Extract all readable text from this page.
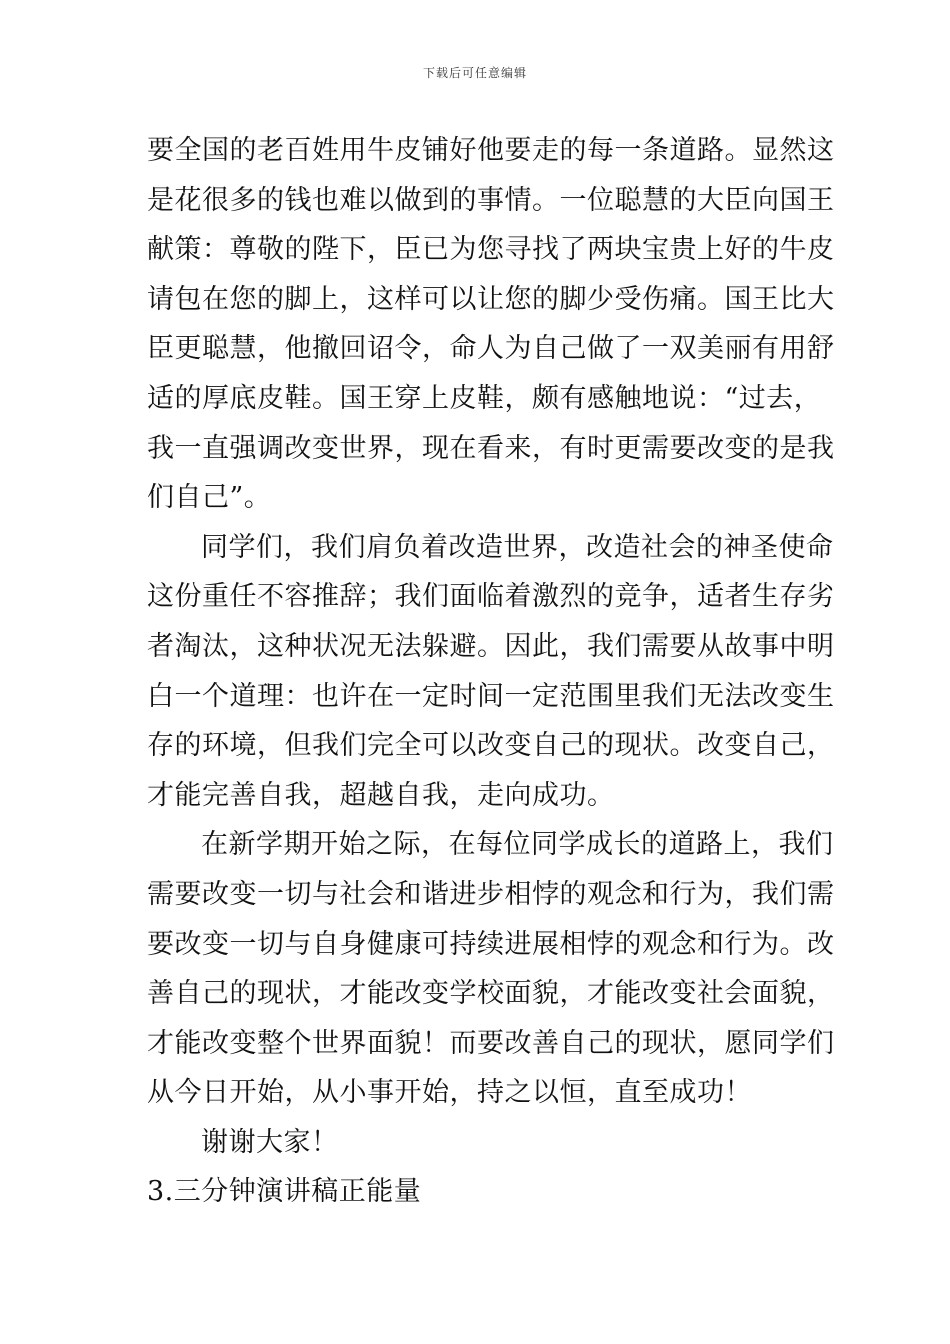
下载后可任意编辑

要全国的老百姓用牛皮铺好他要走的每一条道路。显然这
是花很多的钱也难以做到的事情。一位聪慧的大臣向国王
献策：尊敬的陛下，臣已为您寻找了两块宝贵上好的牛皮
请包在您的脚上，这样可以让您的脚少受伤痛。国王比大
臣更聪慧，他撤回诏令，命人为自己做了一双美丽有用舒
适的厚底皮鞋。国王穿上皮鞋，颇有感触地说：“过去，
我一直强调改变世界，现在看来，有时更需要改变的是我
们自己”。

同学们，我们肩负着改造世界，改造社会的神圣使命
这份重任不容推辞；我们面临着激烈的竞争，适者生存劣
者淘汰，这种状况无法躲避。因此，我们需要从故事中明
白一个道理：也许在一定时间一定范围里我们无法改变生
存的环境，但我们完全可以改变自己的现状。改变自己，
才能完善自我，超越自我，走向成功。

在新学期开始之际，在每位同学成长的道路上，我们
需要改变一切与社会和谐进步相悖的观念和行为，我们需
要改变一切与自身健康可持续进展相悖的观念和行为。改
善自己的现状，才能改变学校面貌，才能改变社会面貌，
才能改变整个世界面貌！而要改善自己的现状，愿同学们
从今日开始，从小事开始，持之以恒，直至成功！

谢谢大家！

3.三分钟演讲稿正能量
